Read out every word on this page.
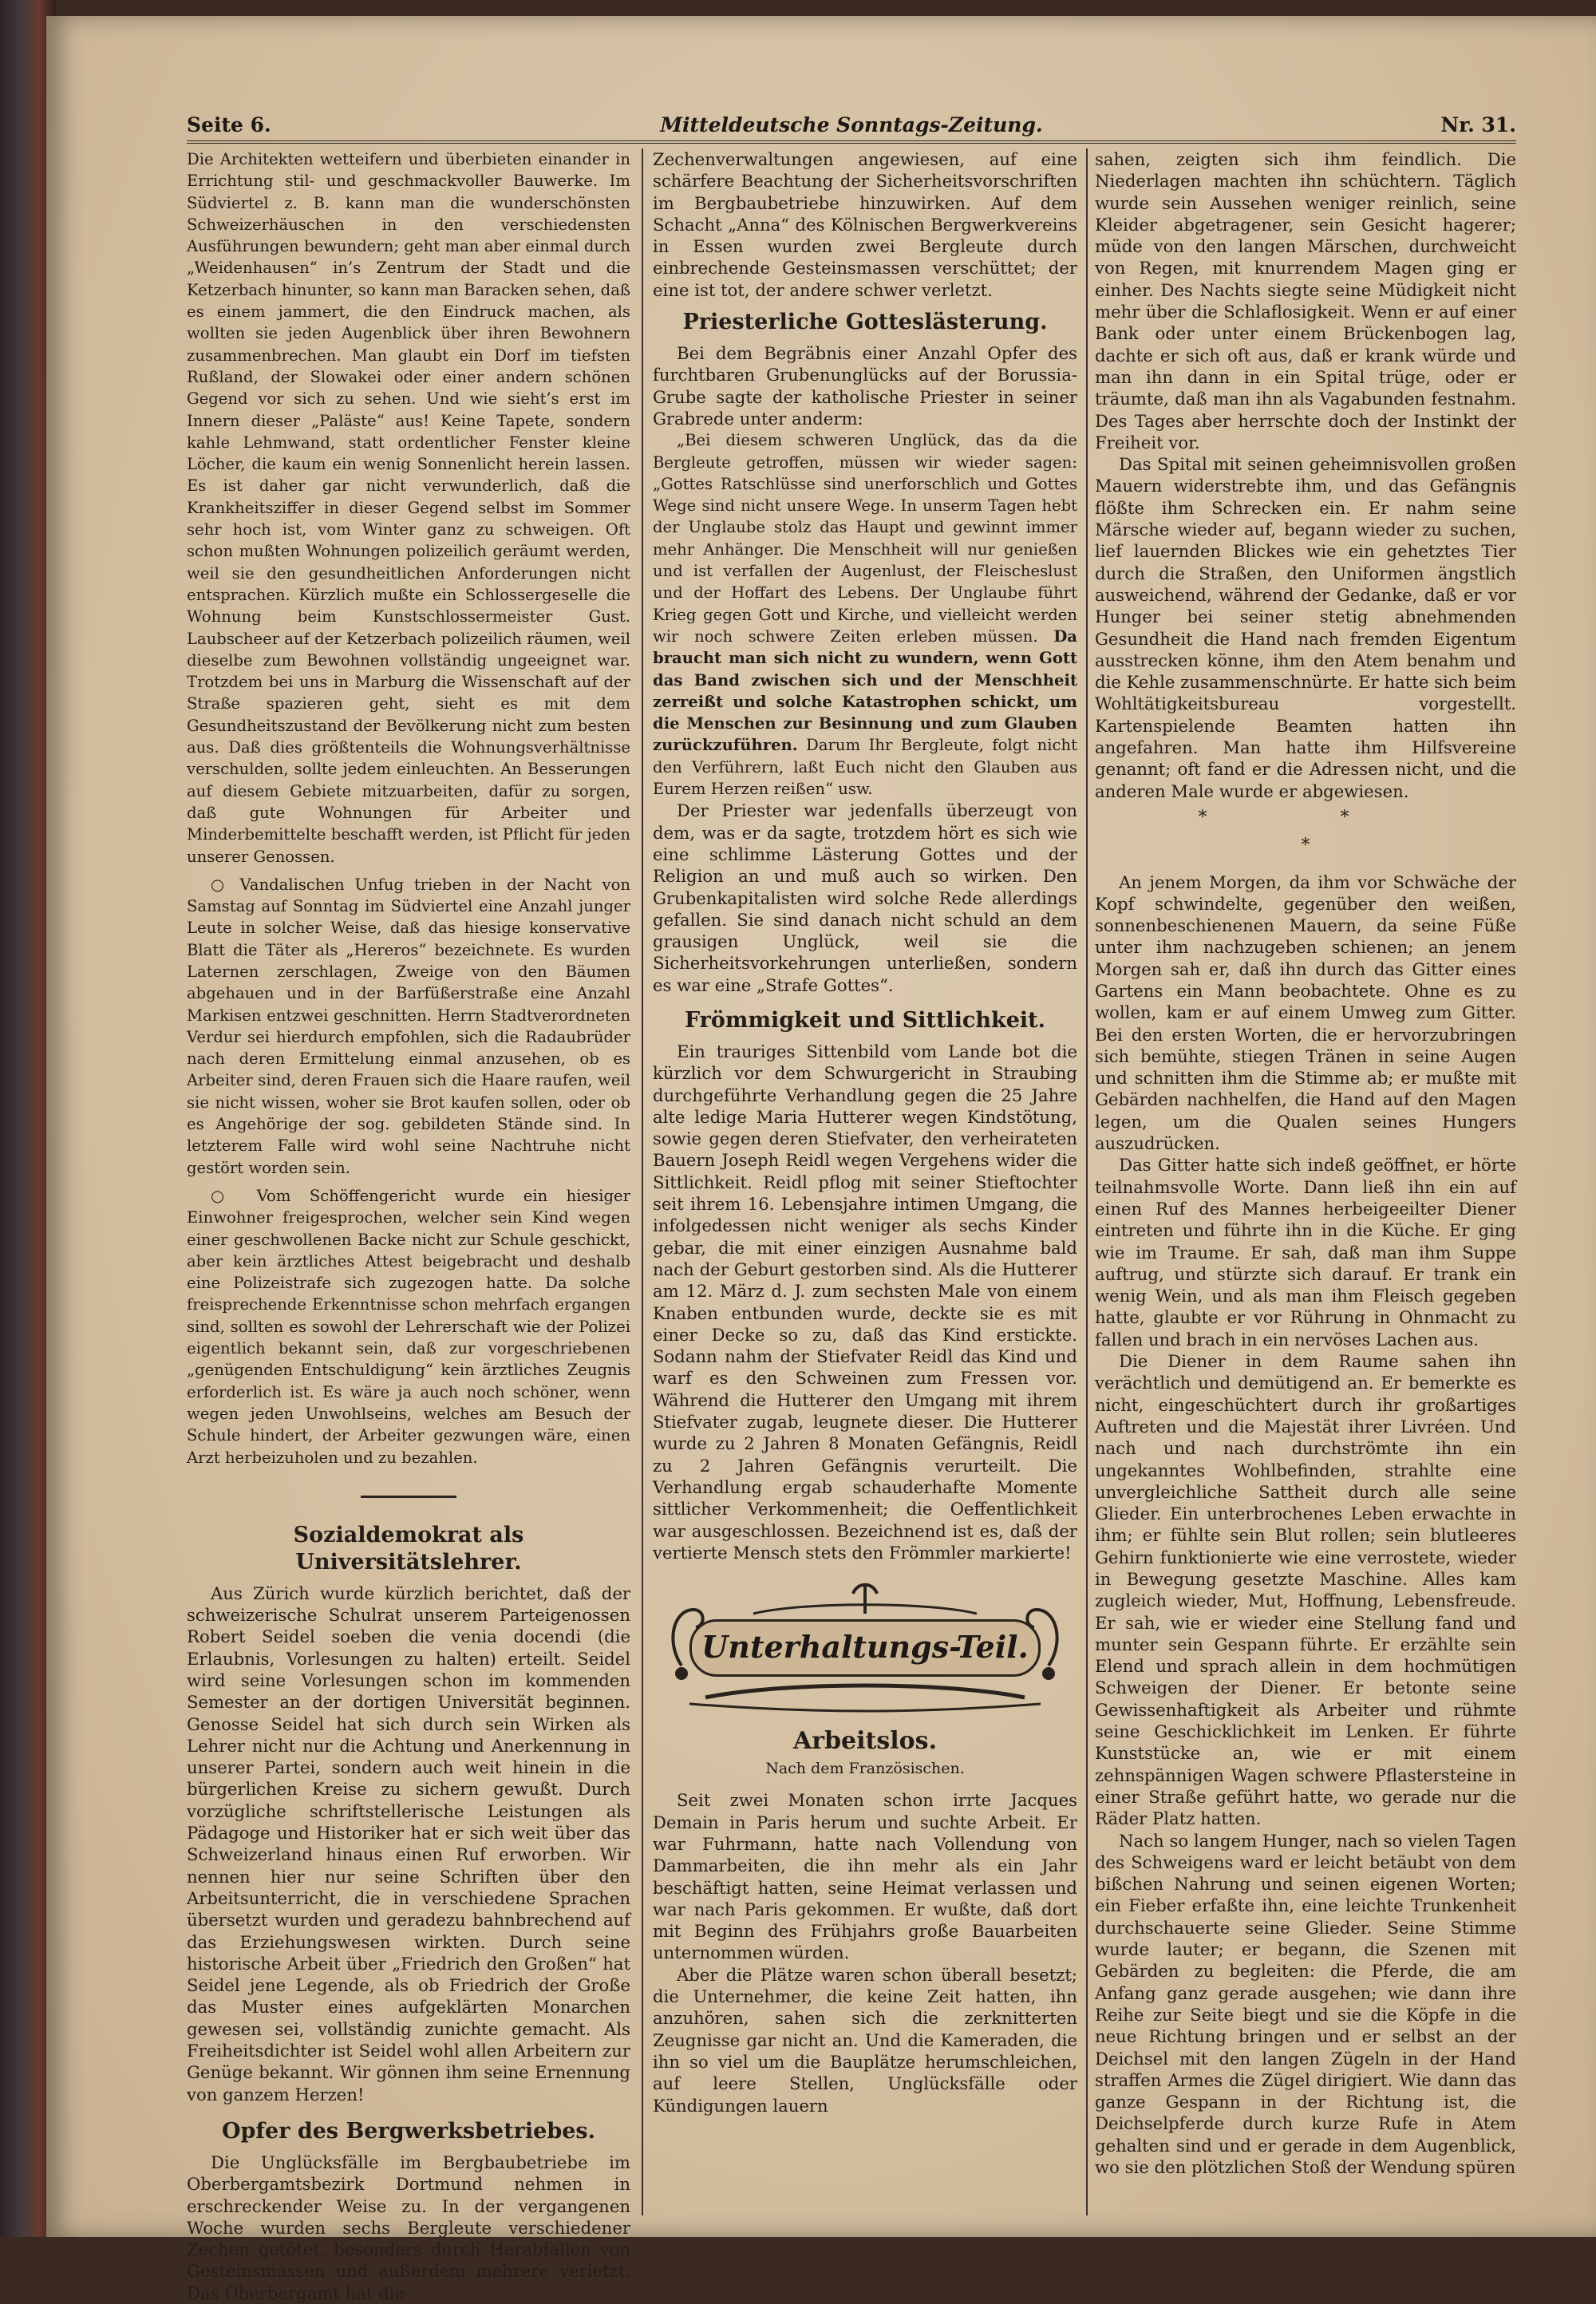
Seite 6.	Mitteldeutsche Sonntags-Zeitung.	Nr. 31.

Die Architekten wetteifern und überbieten einander in Errichtung stil- und geschmackvoller Bauwerke. Im Südviertel z. B. kann man die wunderschönsten Schweizerhäuschen in den verschiedensten Ausführungen bewundern; geht man aber einmal durch „Weidenhausen“ in’s Zentrum der Stadt und die Ketzerbach hinunter, so kann man Baracken sehen, daß es einem jammert, die den Eindruck machen, als wollten sie jeden Augenblick über ihren Bewohnern zusammenbrechen. Man glaubt ein Dorf im tiefsten Rußland, der Slowakei oder einer andern schönen Gegend vor sich zu sehen. Und wie sieht’s erst im Innern dieser „Paläste“ aus! Keine Tapete, sondern kahle Lehmwand, statt ordentlicher Fenster kleine Löcher, die kaum ein wenig Sonnenlicht herein lassen. Es ist daher gar nicht verwunderlich, daß die Krankheitsziffer in dieser Gegend selbst im Sommer sehr hoch ist, vom Winter ganz zu schweigen. Oft schon mußten Wohnungen polizeilich geräumt werden, weil sie den gesundheitlichen Anforderungen nicht entsprachen. Kürzlich mußte ein Schlossergeselle die Wohnung beim Kunstschlossermeister Gust. Laubscheer auf der Ketzerbach polizeilich räumen, weil dieselbe zum Bewohnen vollständig ungeeignet war. Trotzdem bei uns in Marburg die Wissenschaft auf der Straße spazieren geht, sieht es mit dem Gesundheitszustand der Bevölkerung nicht zum besten aus. Daß dies größtenteils die Wohnungsverhältnisse verschulden, sollte jedem einleuchten. An Besserungen auf diesem Gebiete mitzuarbeiten, dafür zu sorgen, daß gute Wohnungen für Arbeiter und Minderbemittelte beschafft werden, ist Pflicht für jeden unserer Genossen.

○ Vandalischen Unfug trieben in der Nacht von Samstag auf Sonntag im Südviertel eine Anzahl junger Leute in solcher Weise, daß das hiesige konservative Blatt die Täter als „Hereros“ bezeichnete. Es wurden Laternen zerschlagen, Zweige von den Bäumen abgehauen und in der Barfüßerstraße eine Anzahl Markisen entzwei geschnitten. Herrn Stadtverordneten Verdur sei hierdurch empfohlen, sich die Radaubrüder nach deren Ermittelung einmal anzusehen, ob es Arbeiter sind, deren Frauen sich die Haare raufen, weil sie nicht wissen, woher sie Brot kaufen sollen, oder ob es Angehörige der sog. gebildeten Stände sind. In letzterem Falle wird wohl seine Nachtruhe nicht gestört worden sein.

○ Vom Schöffengericht wurde ein hiesiger Einwohner freigesprochen, welcher sein Kind wegen einer geschwollenen Backe nicht zur Schule geschickt, aber kein ärztliches Attest beigebracht und deshalb eine Polizeistrafe sich zugezogen hatte. Da solche freisprechende Erkenntnisse schon mehrfach ergangen sind, sollten es sowohl der Lehrerschaft wie der Polizei eigentlich bekannt sein, daß zur vorgeschriebenen „genügenden Entschuldigung“ kein ärztliches Zeugnis erforderlich ist. Es wäre ja auch noch schöner, wenn wegen jeden Unwohlseins, welches am Besuch der Schule hindert, der Arbeiter gezwungen wäre, einen Arzt herbeizuholen und zu bezahlen.

Sozialdemokrat als Universitätslehrer.

Aus Zürich wurde kürzlich berichtet, daß der schweizerische Schulrat unserem Parteigenossen Robert Seidel soeben die venia docendi (die Erlaubnis, Vorlesungen zu halten) erteilt. Seidel wird seine Vorlesungen schon im kommenden Semester an der dortigen Universität beginnen. Genosse Seidel hat sich durch sein Wirken als Lehrer nicht nur die Achtung und Anerkennung in unserer Partei, sondern auch weit hinein in die bürgerlichen Kreise zu sichern gewußt. Durch vorzügliche schriftstellerische Leistungen als Pädagoge und Historiker hat er sich weit über das Schweizerland hinaus einen Ruf erworben. Wir nennen hier nur seine Schriften über den Arbeitsunterricht, die in verschiedene Sprachen übersetzt wurden und geradezu bahnbrechend auf das Erziehungswesen wirkten. Durch seine historische Arbeit über „Friedrich den Großen“ hat Seidel jene Legende, als ob Friedrich der Große das Muster eines aufgeklärten Monarchen gewesen sei, vollständig zunichte gemacht. Als Freiheitsdichter ist Seidel wohl allen Arbeitern zur Genüge bekannt. Wir gönnen ihm seine Ernennung von ganzem Herzen!

Opfer des Bergwerksbetriebes.

Die Unglücksfälle im Bergbaubetriebe im Oberbergamtsbezirk Dortmund nehmen in erschreckender Weise zu. In der vergangenen Woche wurden sechs Bergleute verschiedener Zechen getötet, besonders durch Herabfallen von Gesteinsmassen und außerdem mehrere verletzt. Das Oberbergamt hat die

Zechenverwaltungen angewiesen, auf eine schärfere Beachtung der Sicherheitsvorschriften im Bergbaubetriebe hinzuwirken. Auf dem Schacht „Anna“ des Kölnischen Bergwerkvereins in Essen wurden zwei Bergleute durch einbrechende Gesteinsmassen verschüttet; der eine ist tot, der andere schwer verletzt.

Priesterliche Gotteslästerung.

Bei dem Begräbnis einer Anzahl Opfer des furchtbaren Grubenunglücks auf der Borussia-Grube sagte der katholische Priester in seiner Grabrede unter anderm:

„Bei diesem schweren Unglück, das da die Bergleute getroffen, müssen wir wieder sagen: „Gottes Ratschlüsse sind unerforschlich und Gottes Wege sind nicht unsere Wege. In unserm Tagen hebt der Unglaube stolz das Haupt und gewinnt immer mehr Anhänger. Die Menschheit will nur genießen und ist verfallen der Augenlust, der Fleischeslust und der Hoffart des Lebens. Der Unglaube führt Krieg gegen Gott und Kirche, und vielleicht werden wir noch schwere Zeiten erleben müssen. Da braucht man sich nicht zu wundern, wenn Gott das Band zwischen sich und der Menschheit zerreißt und solche Katastrophen schickt, um die Menschen zur Besinnung und zum Glauben zurückzuführen. Darum Ihr Bergleute, folgt nicht den Verführern, laßt Euch nicht den Glauben aus Eurem Herzen reißen“ usw.

Der Priester war jedenfalls überzeugt von dem, was er da sagte, trotzdem hört es sich wie eine schlimme Lästerung Gottes und der Religion an und muß auch so wirken. Den Grubenkapitalisten wird solche Rede allerdings gefallen. Sie sind danach nicht schuld an dem grausigen Unglück, weil sie die Sicherheitsvorkehrungen unterließen, sondern es war eine „Strafe Gottes“.

Frömmigkeit und Sittlichkeit.

Ein trauriges Sittenbild vom Lande bot die kürzlich vor dem Schwurgericht in Straubing durchgeführte Verhandlung gegen die 25 Jahre alte ledige Maria Hutterer wegen Kindstötung, sowie gegen deren Stiefvater, den verheirateten Bauern Joseph Reidl wegen Vergehens wider die Sittlichkeit. Reidl pflog mit seiner Stieftochter seit ihrem 16. Lebensjahre intimen Umgang, die infolgedessen nicht weniger als sechs Kinder gebar, die mit einer einzigen Ausnahme bald nach der Geburt gestorben sind. Als die Hutterer am 12. März d. J. zum sechsten Male von einem Knaben entbunden wurde, deckte sie es mit einer Decke so zu, daß das Kind erstickte. Sodann nahm der Stiefvater Reidl das Kind und warf es den Schweinen zum Fressen vor. Während die Hutterer den Umgang mit ihrem Stiefvater zugab, leugnete dieser. Die Hutterer wurde zu 2 Jahren 8 Monaten Gefängnis, Reidl zu 2 Jahren Gefängnis verurteilt. Die Verhandlung ergab schauderhafte Momente sittlicher Verkommenheit; die Oeffentlichkeit war ausgeschlossen. Bezeichnend ist es, daß der vertierte Mensch stets den Frömmler markierte!

Unterhaltungs-Teil.
Arbeitslos.
Nach dem Französischen.

Seit zwei Monaten schon irrte Jacques Demain in Paris herum und suchte Arbeit. Er war Fuhrmann, hatte nach Vollendung von Dammarbeiten, die ihn mehr als ein Jahr beschäftigt hatten, seine Heimat verlassen und war nach Paris gekommen. Er wußte, daß dort mit Beginn des Frühjahrs große Bauarbeiten unternommen würden.

Aber die Plätze waren schon überall besetzt; die Unternehmer, die keine Zeit hatten, ihn anzuhören, sahen sich die zerknitterten Zeugnisse gar nicht an. Und die Kameraden, die ihn so viel um die Bauplätze herumschleichen, auf leere Stellen, Unglücksfälle oder Kündigungen lauern

sahen, zeigten sich ihm feindlich. Die Niederlagen machten ihn schüchtern. Täglich wurde sein Aussehen weniger reinlich, seine Kleider abgetragener, sein Gesicht hagerer; müde von den langen Märschen, durchweicht von Regen, mit knurrendem Magen ging er einher. Des Nachts siegte seine Müdigkeit nicht mehr über die Schlaflosigkeit. Wenn er auf einer Bank oder unter einem Brückenbogen lag, dachte er sich oft aus, daß er krank würde und man ihn dann in ein Spital trüge, oder er träumte, daß man ihn als Vagabunden festnahm. Des Tages aber herrschte doch der Instinkt der Freiheit vor.

Das Spital mit seinen geheimnisvollen großen Mauern widerstrebte ihm, und das Gefängnis flößte ihm Schrecken ein. Er nahm seine Märsche wieder auf, begann wieder zu suchen, lief lauernden Blickes wie ein gehetztes Tier durch die Straßen, den Uniformen ängstlich ausweichend, während der Gedanke, daß er vor Hunger bei seiner stetig abnehmenden Gesundheit die Hand nach fremden Eigentum ausstrecken könne, ihm den Atem benahm und die Kehle zusammenschnürte. Er hatte sich beim Wohltätigkeitsbureau vorgestellt. Kartenspielende Beamten hatten ihn angefahren. Man hatte ihm Hilfsvereine genannt; oft fand er die Adressen nicht, und die anderen Male wurde er abgewiesen.

* *
*

An jenem Morgen, da ihm vor Schwäche der Kopf schwindelte, gegenüber den weißen, sonnenbeschienenen Mauern, da seine Füße unter ihm nachzugeben schienen; an jenem Morgen sah er, daß ihn durch das Gitter eines Gartens ein Mann beobachtete. Ohne es zu wollen, kam er auf einem Umweg zum Gitter. Bei den ersten Worten, die er hervorzubringen sich bemühte, stiegen Tränen in seine Augen und schnitten ihm die Stimme ab; er mußte mit Gebärden nachhelfen, die Hand auf den Magen legen, um die Qualen seines Hungers auszudrücken.

Das Gitter hatte sich indeß geöffnet, er hörte teilnahmsvolle Worte. Dann ließ ihn ein auf einen Ruf des Mannes herbeigeeilter Diener eintreten und führte ihn in die Küche. Er ging wie im Traume. Er sah, daß man ihm Suppe auftrug, und stürzte sich darauf. Er trank ein wenig Wein, und als man ihm Fleisch gegeben hatte, glaubte er vor Rührung in Ohnmacht zu fallen und brach in ein nervöses Lachen aus.

Die Diener in dem Raume sahen ihn verächtlich und demütigend an. Er bemerkte es nicht, eingeschüchtert durch ihr großartiges Auftreten und die Majestät ihrer Livréen. Und nach und nach durchströmte ihn ein ungekanntes Wohlbefinden, strahlte eine unvergleichliche Sattheit durch alle seine Glieder. Ein unterbrochenes Leben erwachte in ihm; er fühlte sein Blut rollen; sein blutleeres Gehirn funktionierte wie eine verrostete, wieder in Bewegung gesetzte Maschine. Alles kam zugleich wieder, Mut, Hoffnung, Lebensfreude. Er sah, wie er wieder eine Stellung fand und munter sein Gespann führte. Er erzählte sein Elend und sprach allein in dem hochmütigen Schweigen der Diener. Er betonte seine Gewissenhaftigkeit als Arbeiter und rühmte seine Geschicklichkeit im Lenken. Er führte Kunststücke an, wie er mit einem zehnspännigen Wagen schwere Pflastersteine in einer Straße geführt hatte, wo gerade nur die Räder Platz hatten.

Nach so langem Hunger, nach so vielen Tagen des Schweigens ward er leicht betäubt von dem bißchen Nahrung und seinen eigenen Worten; ein Fieber erfaßte ihn, eine leichte Trunkenheit durchschauerte seine Glieder. Seine Stimme wurde lauter; er begann, die Szenen mit Gebärden zu begleiten: die Pferde, die am Anfang ganz gerade ausgehen; wie dann ihre Reihe zur Seite biegt und sie die Köpfe in die neue Richtung bringen und er selbst an der Deichsel mit den langen Zügeln in der Hand straffen Armes die Zügel dirigiert. Wie dann das ganze Gespann in der Richtung ist, die Deichselpferde durch kurze Rufe in Atem gehalten sind und er gerade in dem Augenblick, wo sie den plötzlichen Stoß der Wendung spüren
